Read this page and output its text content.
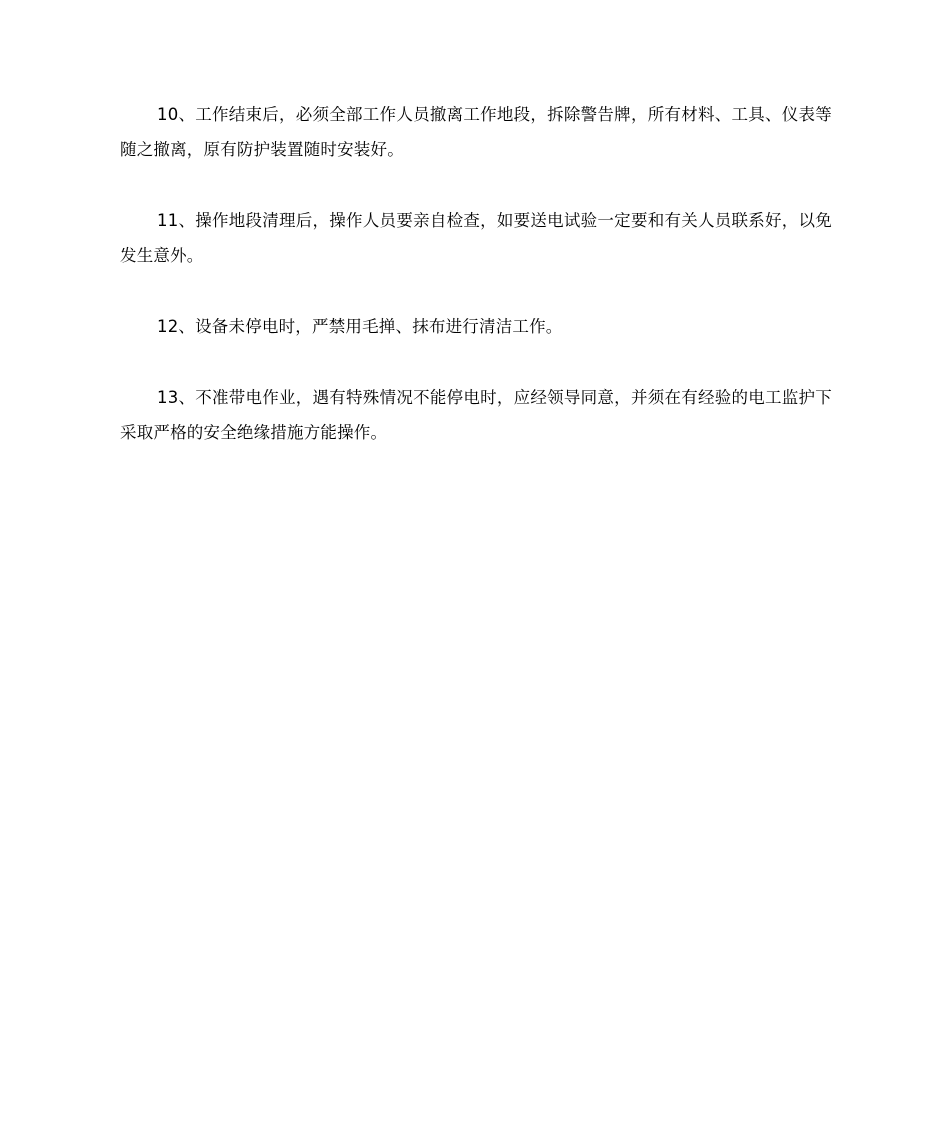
10、工作结束后，必须全部工作人员撤离工作地段，拆除警告牌，所有材料、工具、仪表等随之撤离，原有防护装置随时安装好。

11、操作地段清理后，操作人员要亲自检查，如要送电试验一定要和有关人员联系好，以免发生意外。

12、设备未停电时，严禁用毛掸、抹布进行清洁工作。

13、不准带电作业，遇有特殊情况不能停电时，应经领导同意，并须在有经验的电工监护下采取严格的安全绝缘措施方能操作。
